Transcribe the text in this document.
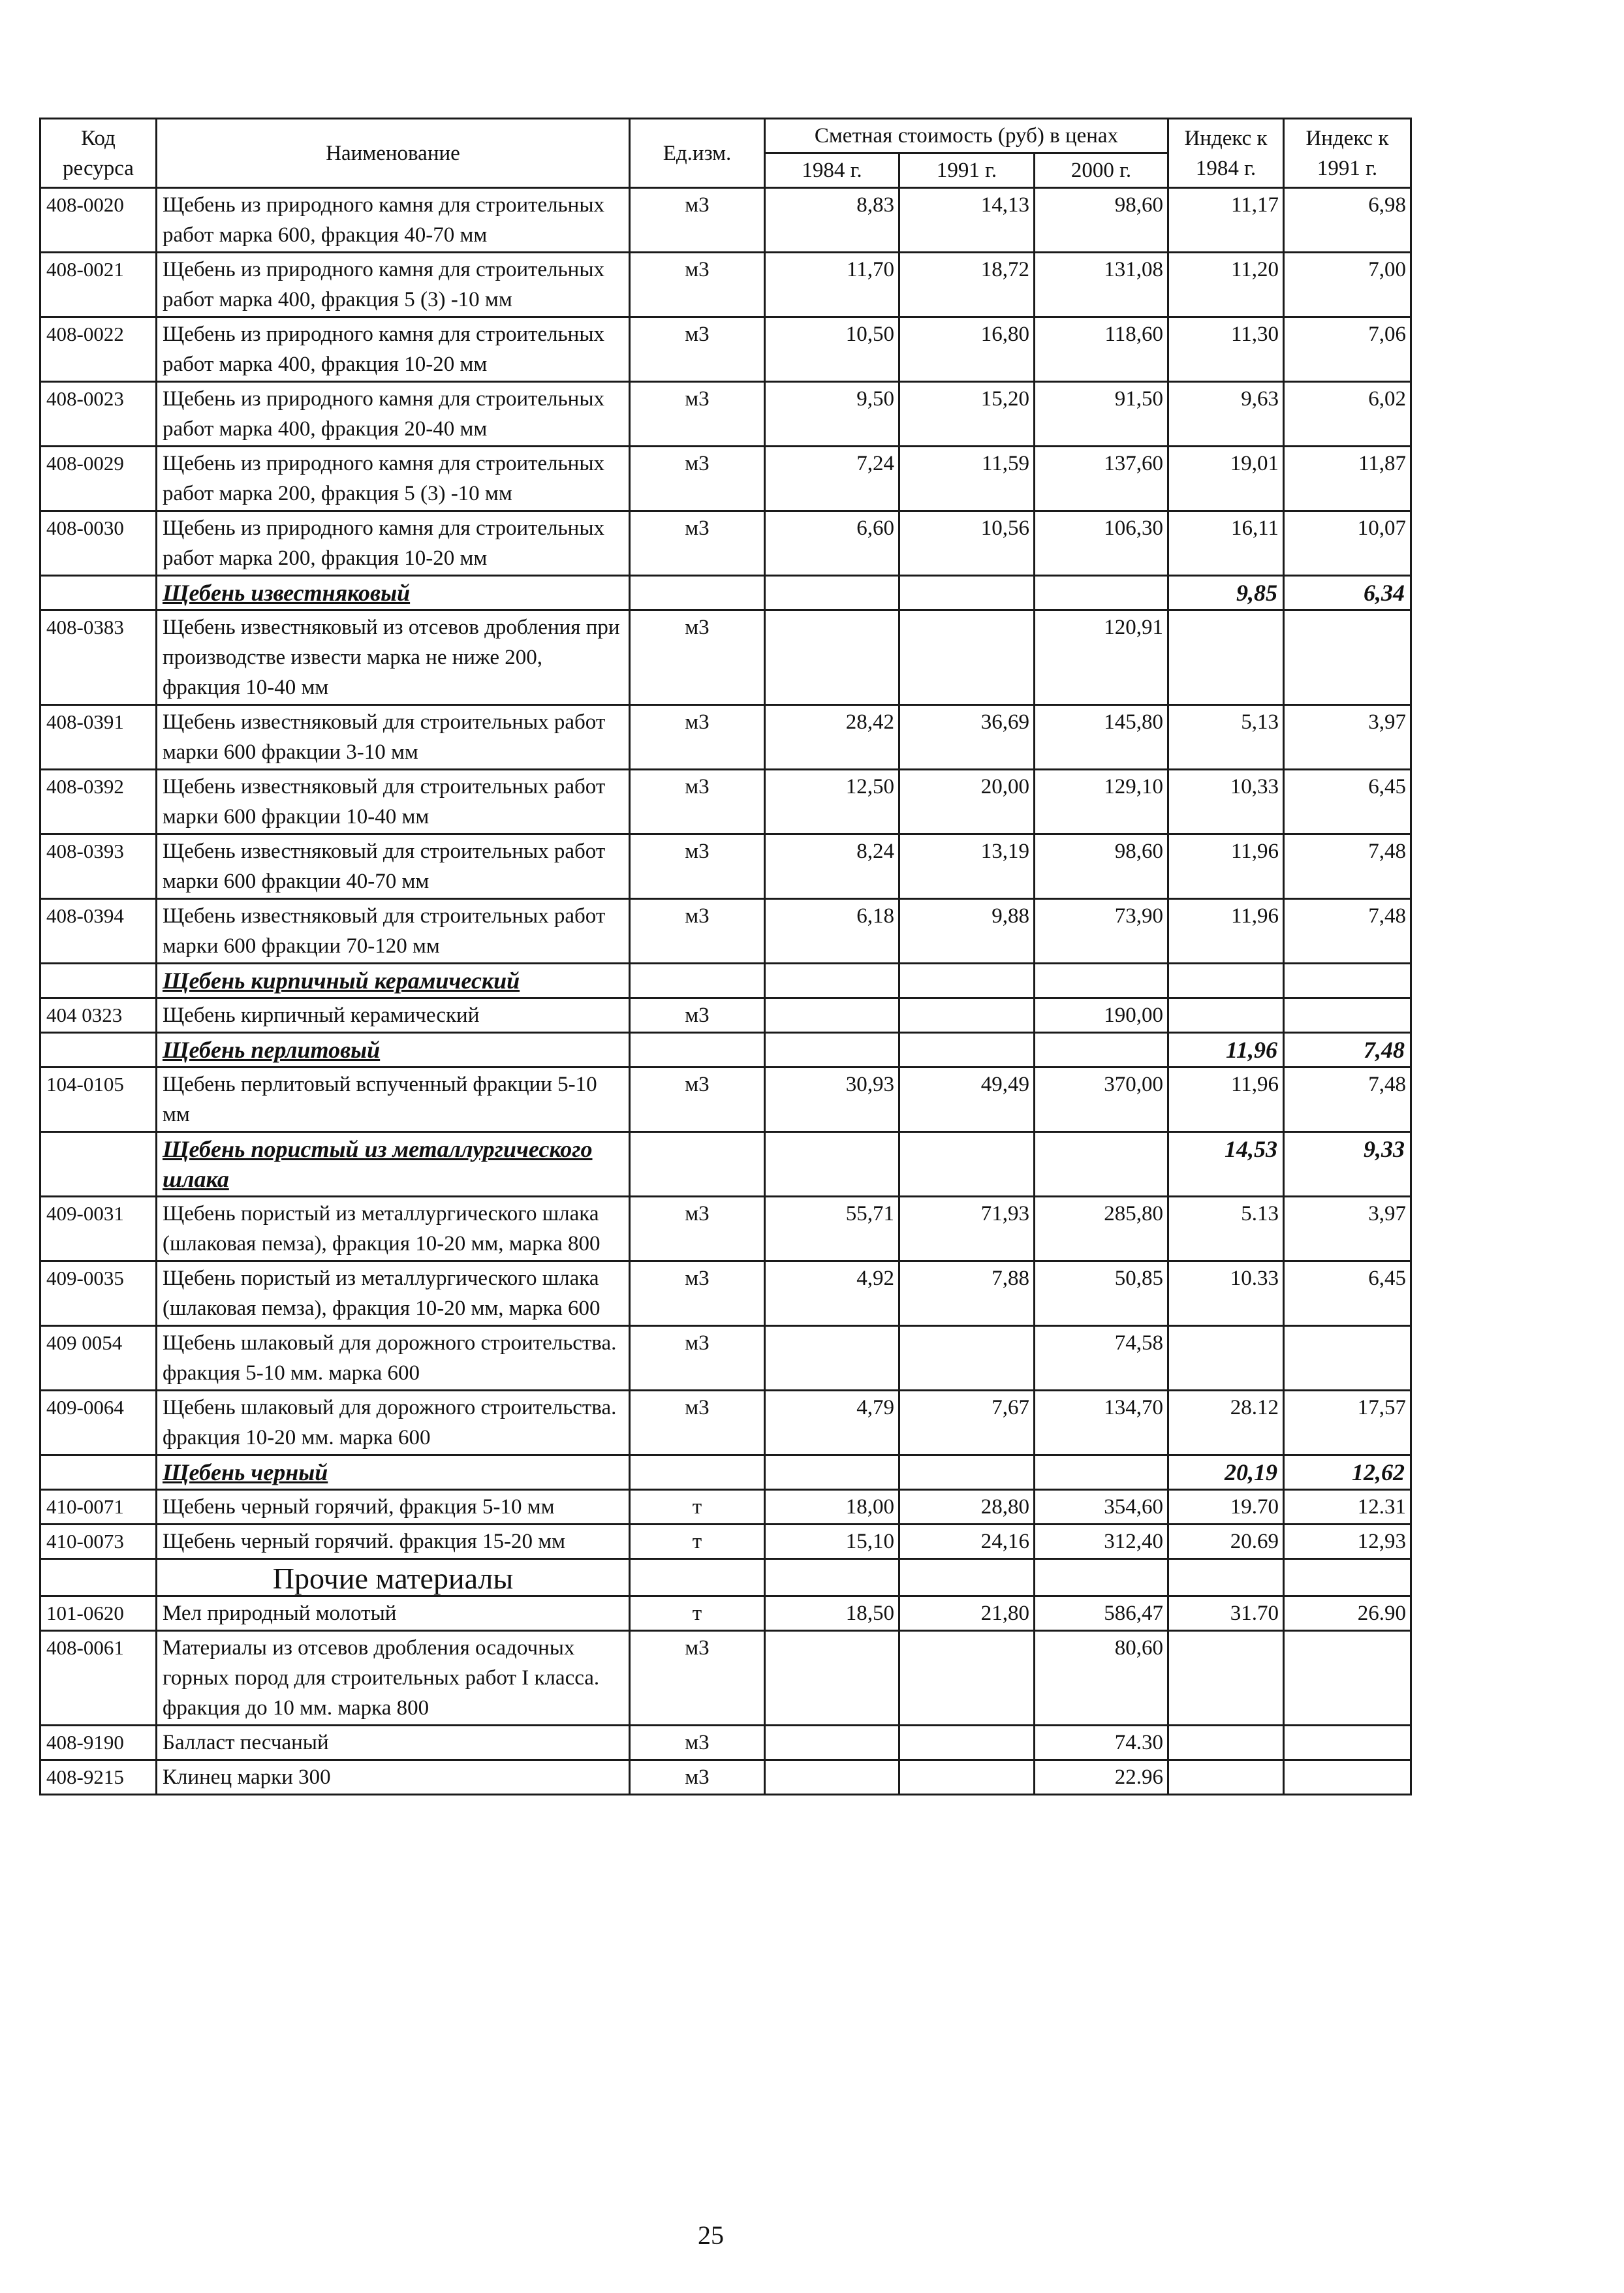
Код ресурса	Наименование	Ед.изм.	Сметная стоимость (руб) в ценах			Индекс к 1984 г.	Индекс к 1991 г.
			1984 г.	1991 г.	2000 г.		
408-0020	Щебень из природного камня для строительных работ марка 600, фракция 40-70 мм	м3	8,83	14,13	98,60	11,17	6,98
408-0021	Щебень из природного камня для строительных работ марка 400, фракция 5 (3) -10 мм	м3	11,70	18,72	131,08	11,20	7,00
408-0022	Щебень из природного камня для строительных работ марка 400, фракция 10-20 мм	м3	10,50	16,80	118,60	11,30	7,06
408-0023	Щебень из природного камня для строительных работ марка 400, фракция 20-40 мм	м3	9,50	15,20	91,50	9,63	6,02
408-0029	Щебень из природного камня для строительных работ марка 200, фракция 5 (3) -10 мм	м3	7,24	11,59	137,60	19,01	11,87
408-0030	Щебень из природного камня для строительных работ марка 200, фракция 10-20 мм	м3	6,60	10,56	106,30	16,11	10,07
	Щебень известняковый					9,85	6,34
408-0383	Щебень известняковый из отсевов дробления при производстве извести марка не ниже 200, фракция 10-40 мм	м3			120,91		
408-0391	Щебень известняковый для строительных работ марки 600 фракции 3-10 мм	м3	28,42	36,69	145,80	5,13	3,97
408-0392	Щебень известняковый для строительных работ марки 600 фракции 10-40 мм	м3	12,50	20,00	129,10	10,33	6,45
408-0393	Щебень известняковый для строительных работ марки 600 фракции 40-70 мм	м3	8,24	13,19	98,60	11,96	7,48
408-0394	Щебень известняковый для строительных работ марки 600 фракции 70-120 мм	м3	6,18	9,88	73,90	11,96	7,48
	Щебень кирпичный керамический						
404 0323	Щебень кирпичный керамический	м3			190,00		
	Щебень перлитовый					11,96	7,48
104-0105	Щебень перлитовый вспученный фракции 5-10 мм	м3	30,93	49,49	370,00	11,96	7,48
	Щебень пористый из металлургического шлака					14,53	9,33
409-0031	Щебень пористый из металлургического шлака (шлаковая пемза), фракция 10-20 мм, марка 800	м3	55,71	71,93	285,80	5.13	3,97
409-0035	Щебень пористый из металлургического шлака (шлаковая пемза), фракция 10-20 мм, марка 600	м3	4,92	7,88	50,85	10.33	6,45
409 0054	Щебень шлаковый для дорожного строительства. фракция 5-10 мм. марка 600	м3			74,58		
409-0064	Щебень шлаковый для дорожного строительства. фракция 10-20 мм. марка 600	м3	4,79	7,67	134,70	28.12	17,57
	Щебень черный					20,19	12,62
410-0071	Щебень черный горячий, фракция 5-10 мм	т	18,00	28,80	354,60	19.70	12.31
410-0073	Щебень черный горячий. фракция 15-20 мм	т	15,10	24,16	312,40	20.69	12,93
	Прочие материалы						
101-0620	Мел природный молотый	т	18,50	21,80	586,47	31.70	26.90
408-0061	Материалы из отсевов дробления осадочных горных пород для строительных работ I класса. фракция до 10 мм. марка 800	м3			80,60		
408-9190	Балласт песчаный	м3			74.30		
408-9215	Клинец марки 300	м3			22.96		
25
